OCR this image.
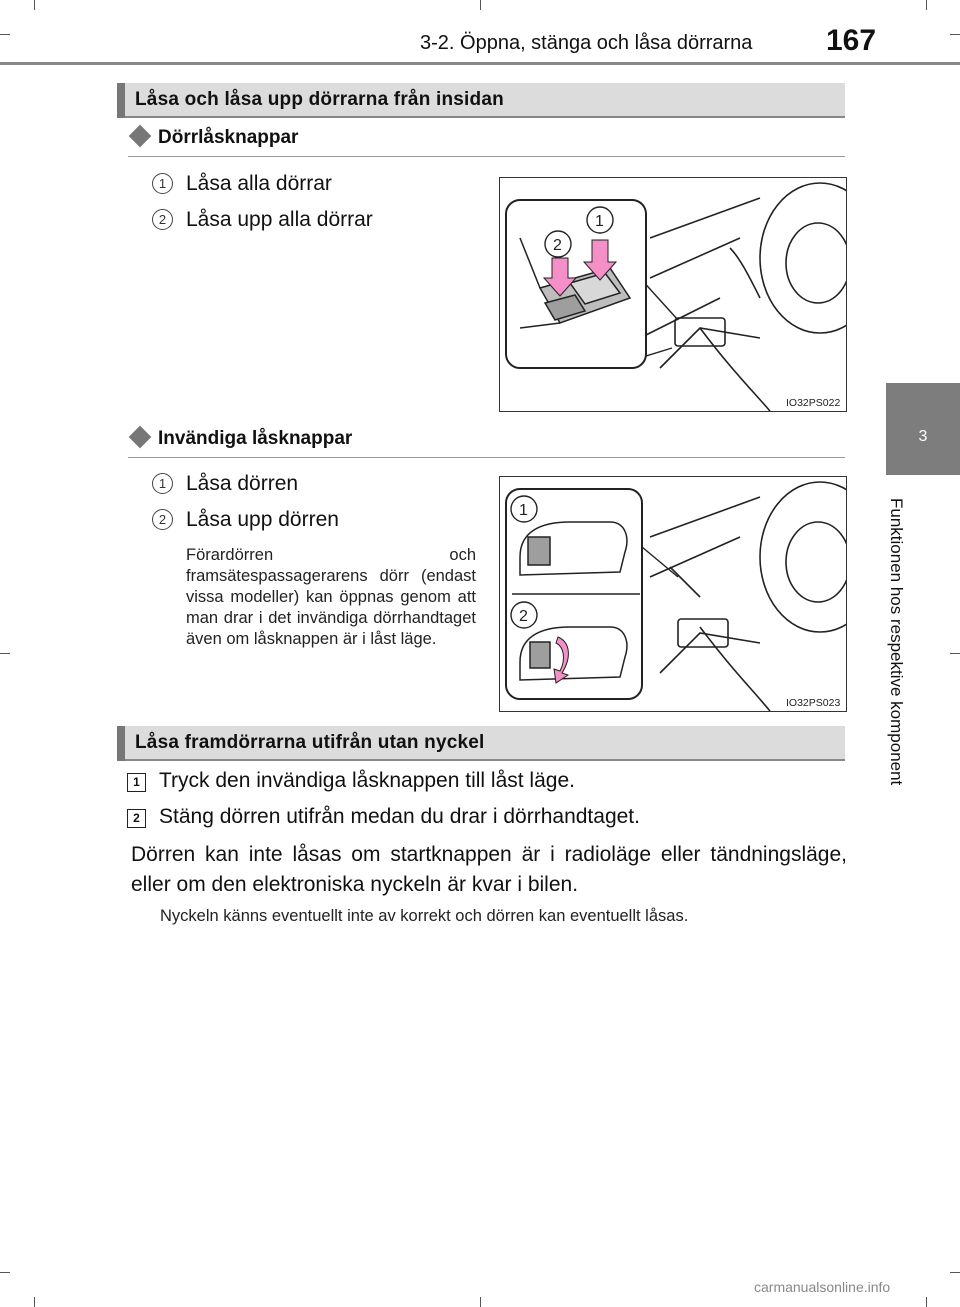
3-2. Öppna, stänga och låsa dörrarna 167
3
Funktionen hos respektive komponent
Låsa och låsa upp dörrarna från insidan
Dörrlåsknappar
1 Låsa alla dörrar
2 Låsa upp alla dörrar	1
2
IO32PS022
Invändiga låsknappar
1 Låsa dörren
2 Låsa upp dörren
Förardörren och framsätespassagerarens dörr (endast vissa modeller) kan öppnas genom att man drar i det invändiga dörrhandtaget även om låsknappen är i låst läge.
1
2
IO32PS023
Låsa framdörrarna utifrån utan nyckel
1 Tryck den invändiga låsknappen till låst läge.
2 Stäng dörren utifrån medan du drar i dörrhandtaget.
Dörren kan inte låsas om startknappen är i radioläge eller tändningsläge, eller om den elektroniska nyckeln är kvar i bilen.
Nyckeln känns eventuellt inte av korrekt och dörren kan eventuellt låsas.
carmanualsonline.info
